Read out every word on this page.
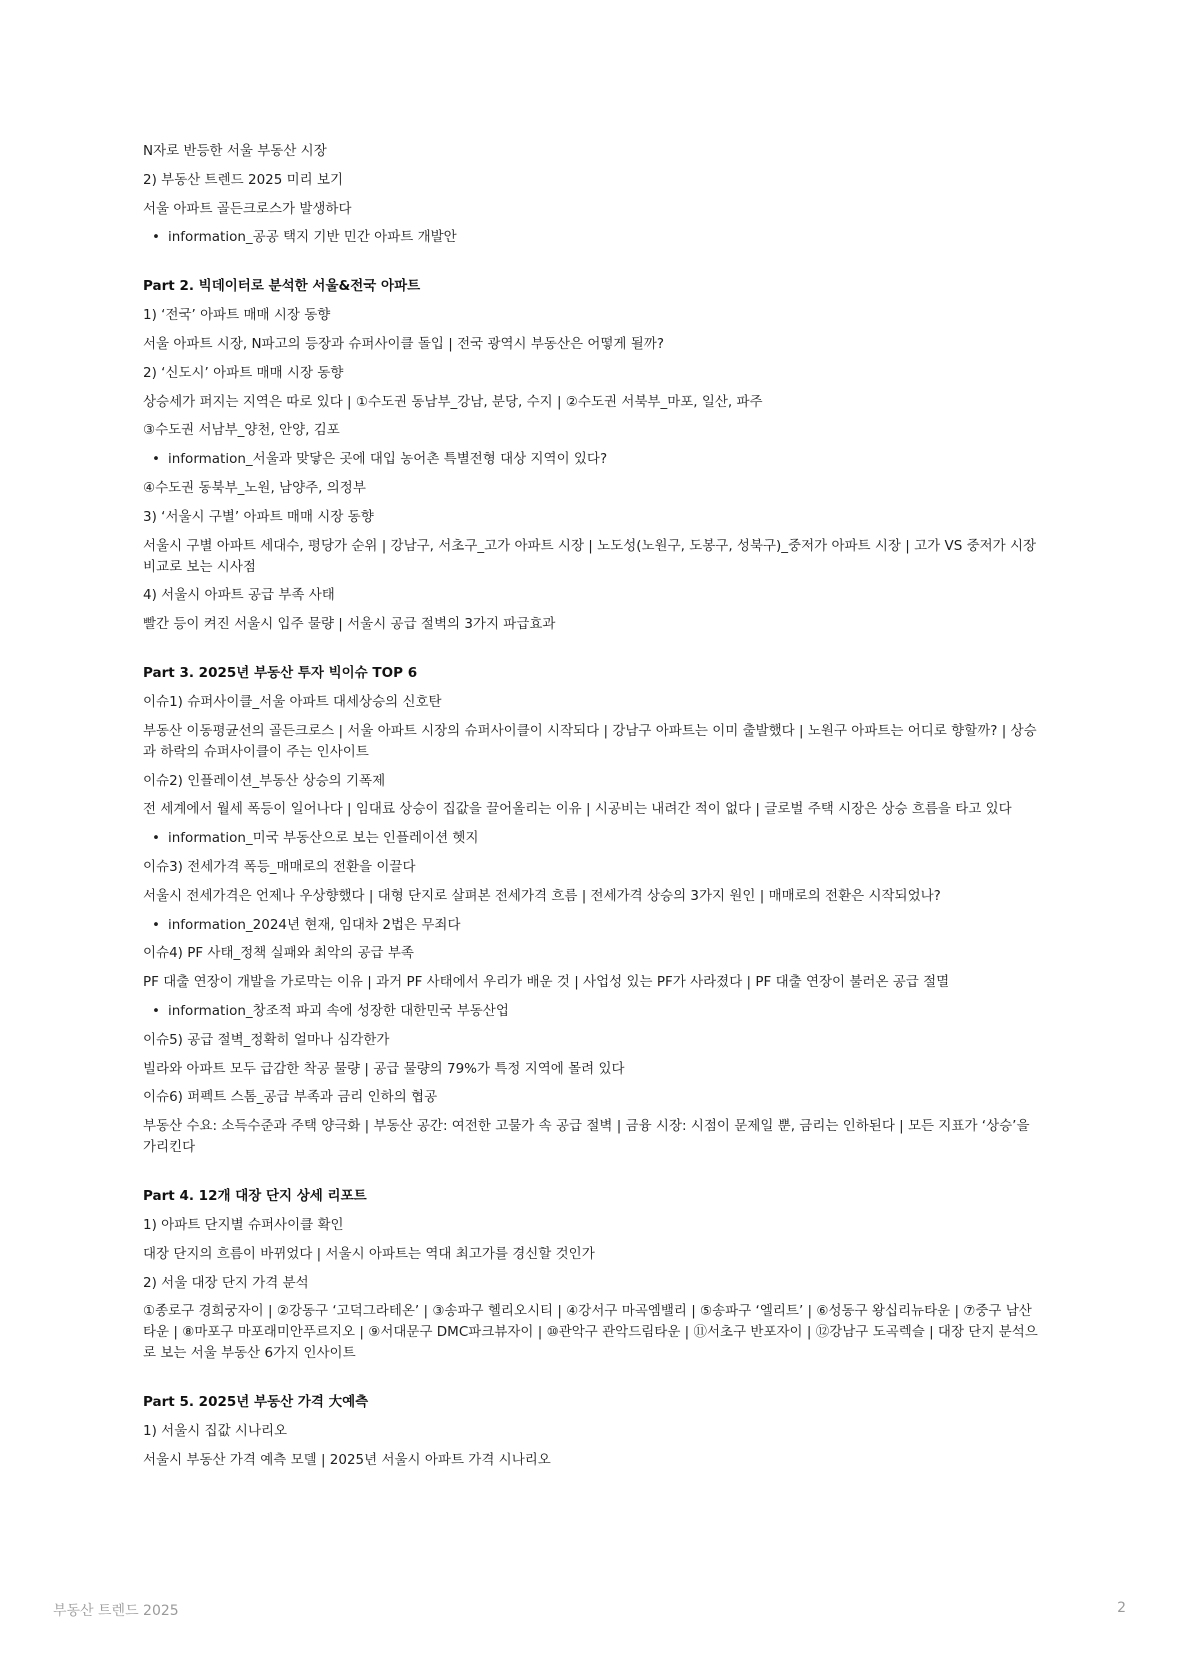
N자로 반등한 서울 부동산 시장
2) 부동산 트렌드 2025 미리 보기
서울 아파트 골든크로스가 발생하다
• information_공공 택지 기반 민간 아파트 개발안
Part 2. 빅데이터로 분석한 서울&전국 아파트
1) ‘전국’ 아파트 매매 시장 동향
서울 아파트 시장, N파고의 등장과 슈퍼사이클 돌입 | 전국 광역시 부동산은 어떻게 될까?
2) ‘신도시’ 아파트 매매 시장 동향
상승세가 퍼지는 지역은 따로 있다 | ①수도권 동남부_강남, 분당, 수지 | ②수도권 서북부_마포, 일산, 파주
③수도권 서남부_양천, 안양, 김포
• information_서울과 맞닿은 곳에 대입 농어촌 특별전형 대상 지역이 있다?
④수도권 동북부_노원, 남양주, 의정부
3) ‘서울시 구별’ 아파트 매매 시장 동향
서울시 구별 아파트 세대수, 평당가 순위 | 강남구, 서초구_고가 아파트 시장 | 노도성(노원구, 도봉구, 성북구)_중저가 아파트 시장 | 고가 VS 중저가 시장 비교로 보는 시사점
4) 서울시 아파트 공급 부족 사태
빨간 등이 켜진 서울시 입주 물량 | 서울시 공급 절벽의 3가지 파급효과
Part 3. 2025년 부동산 투자 빅이슈 TOP 6
이슈1) 슈퍼사이클_서울 아파트 대세상승의 신호탄
부동산 이동평균선의 골든크로스 | 서울 아파트 시장의 슈퍼사이클이 시작되다 | 강남구 아파트는 이미 출발했다 | 노원구 아파트는 어디로 향할까? | 상승과 하락의 슈퍼사이클이 주는 인사이트
이슈2) 인플레이션_부동산 상승의 기폭제
전 세계에서 월세 폭등이 일어나다 | 임대료 상승이 집값을 끌어올리는 이유 | 시공비는 내려간 적이 없다 | 글로벌 주택 시장은 상승 흐름을 타고 있다
• information_미국 부동산으로 보는 인플레이션 헷지
이슈3) 전세가격 폭등_매매로의 전환을 이끌다
서울시 전세가격은 언제나 우상향했다 | 대형 단지로 살펴본 전세가격 흐름 | 전세가격 상승의 3가지 원인 | 매매로의 전환은 시작되었나?
• information_2024년 현재, 임대차 2법은 무죄다
이슈4) PF 사태_정책 실패와 최악의 공급 부족
PF 대출 연장이 개발을 가로막는 이유 | 과거 PF 사태에서 우리가 배운 것 | 사업성 있는 PF가 사라졌다 | PF 대출 연장이 불러온 공급 절멸
• information_창조적 파괴 속에 성장한 대한민국 부동산업
이슈5) 공급 절벽_정확히 얼마나 심각한가
빌라와 아파트 모두 급감한 착공 물량 | 공급 물량의 79%가 특정 지역에 몰려 있다
이슈6) 퍼펙트 스톰_공급 부족과 금리 인하의 협공
부동산 수요: 소득수준과 주택 양극화 | 부동산 공간: 여전한 고물가 속 공급 절벽 | 금융 시장: 시점이 문제일 뿐, 금리는 인하된다 | 모든 지표가 ‘상승’을 가리킨다
Part 4. 12개 대장 단지 상세 리포트
1) 아파트 단지별 슈퍼사이클 확인
대장 단지의 흐름이 바뀌었다 | 서울시 아파트는 역대 최고가를 경신할 것인가
2) 서울 대장 단지 가격 분석
①종로구 경희궁자이 | ②강동구 ‘고덕그라테온’ | ③송파구 헬리오시티 | ④강서구 마곡엠밸리 | ⑤송파구 ‘엘리트’ | ⑥성동구 왕십리뉴타운 | ⑦중구 남산타운 | ⑧마포구 마포래미안푸르지오 | ⑨서대문구 DMC파크뷰자이 | ⑩관악구 관악드림타운 | ⑪서초구 반포자이 | ⑫강남구 도곡렉슬 | 대장 단지 분석으로 보는 서울 부동산 6가지 인사이트
Part 5. 2025년 부동산 가격 大예측
1) 서울시 집값 시나리오
서울시 부동산 가격 예측 모델 | 2025년 서울시 아파트 가격 시나리오
부동산 트렌드 2025	2
